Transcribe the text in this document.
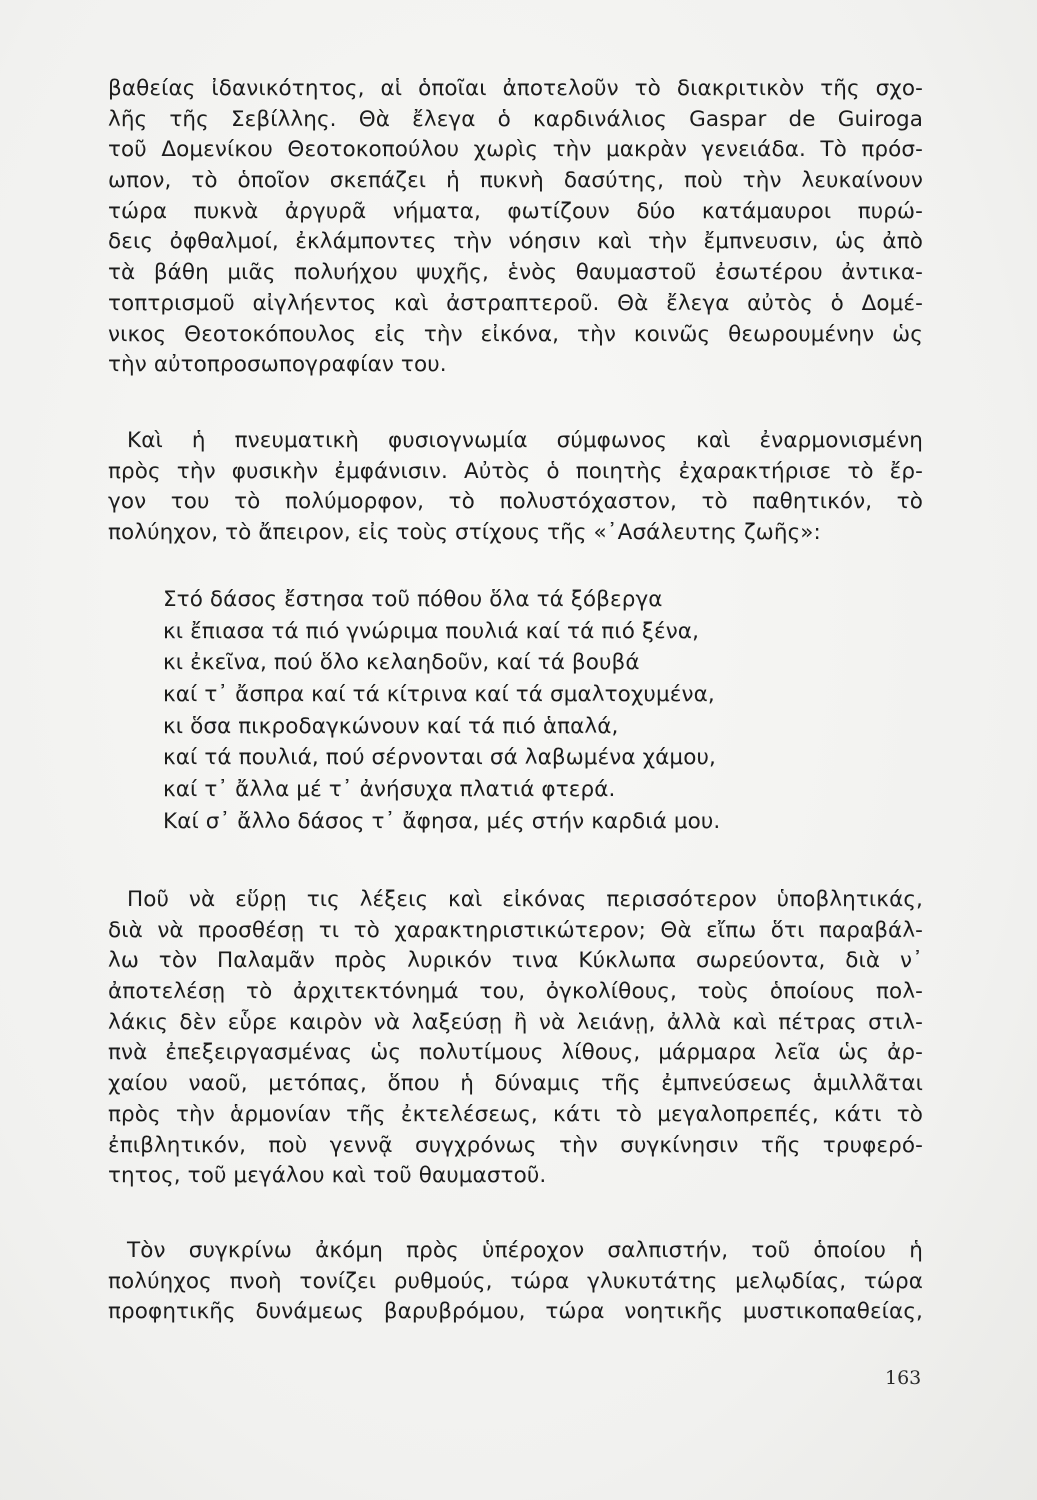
βαθείας ἰδανικότητος, αἱ ὁποῖαι ἀποτελοῦν τὸ διακριτικὸν τῆς σχο-
λῆς τῆς Σεβίλλης. Θὰ ἔλεγα ὁ καρδινάλιος Gaspar de Guiroga
τοῦ Δομενίκου Θεοτοκοπούλου χωρὶς τὴν μακρὰν γενειάδα. Τὸ πρόσ-
ωπον, τὸ ὁποῖον σκεπάζει ἡ πυκνὴ δασύτης, ποὺ τὴν λευκαίνουν
τώρα πυκνὰ ἀργυρᾶ νήματα, φωτίζουν δύο κατάμαυροι πυρώ-
δεις ὀφθαλμοί, ἐκλάμποντες τὴν νόησιν καὶ τὴν ἔμπνευσιν, ὡς ἀπὸ
τὰ βάθη μιᾶς πολυήχου ψυχῆς, ἑνὸς θαυμαστοῦ ἐσωτέρου ἀντικα-
τοπτρισμοῦ αἰγλήεντος καὶ ἀστραπτεροῦ. Θὰ ἔλεγα αὐτὸς ὁ Δομέ-
νικος Θεοτοκόπουλος εἰς τὴν εἰκόνα, τὴν κοινῶς θεωρουμένην ὡς
τὴν αὐτοπροσωπογραφίαν του.
Καὶ ἡ πνευματικὴ φυσιογνωμία σύμφωνος καὶ ἐναρμονισμένη
πρὸς τὴν φυσικὴν ἐμφάνισιν. Αὐτὸς ὁ ποιητὴς ἐχαρακτήρισε τὸ ἔρ-
γον του τὸ πολύμορφον, τὸ πολυστόχαστον, τὸ παθητικόν, τὸ
πολύηχον, τὸ ἄπειρον, εἰς τοὺς στίχους τῆς «᾿Ασάλευτης ζωῆς»:
Στό δάσος ἔστησα τοῦ πόθου ὅλα τά ξόβεργα
κι ἔπιασα τά πιό γνώριμα πουλιά καί τά πιό ξένα,
κι ἐκεῖνα, πού ὅλο κελαηδοῦν, καί τά βουβά
καί τ᾿ ἄσπρα καί τά κίτρινα καί τά σμαλτοχυμένα,
κι ὅσα πικροδαγκώνουν καί τά πιό ἁπαλά,
καί τά πουλιά, πού σέρνονται σά λαβωμένα χάμου,
καί τ᾿ ἄλλα μέ τ᾿ ἀνήσυχα πλατιά φτερά.
Καί σ᾿ ἄλλο δάσος τ᾿ ἄφησα, μές στήν καρδιά μου.
Ποῦ νὰ εὕρῃ τις λέξεις καὶ εἰκόνας περισσότερον ὑποβλητικάς,
διὰ νὰ προσθέσῃ τι τὸ χαρακτηριστικώτερον; Θὰ εἴπω ὅτι παραβάλ-
λω τὸν Παλαμᾶν πρὸς λυρικόν τινα Κύκλωπα σωρεύοντα, διὰ ν᾿
ἀποτελέσῃ τὸ ἀρχιτεκτόνημά του, ὀγκολίθους, τοὺς ὁποίους πολ-
λάκις δὲν εὗρε καιρὸν νὰ λαξεύσῃ ἢ νὰ λειάνῃ, ἀλλὰ καὶ πέτρας στιλ-
πνὰ ἐπεξειργασμένας ὡς πολυτίμους λίθους, μάρμαρα λεῖα ὡς ἀρ-
χαίου ναοῦ, μετόπας, ὅπου ἡ δύναμις τῆς ἐμπνεύσεως ἁμιλλᾶται
πρὸς τὴν ἁρμονίαν τῆς ἐκτελέσεως, κάτι τὸ μεγαλοπρεπές, κάτι τὸ
ἐπιβλητικόν, ποὺ γεννᾷ συγχρόνως τὴν συγκίνησιν τῆς τρυφερό-
τητος, τοῦ μεγάλου καὶ τοῦ θαυμαστοῦ.
Τὸν συγκρίνω ἀκόμη πρὸς ὑπέροχον σαλπιστήν, τοῦ ὁποίου ἡ
πολύηχος πνοὴ τονίζει ρυθμούς, τώρα γλυκυτάτης μελῳδίας, τώρα
προφητικῆς δυνάμεως βαρυβρόμου, τώρα νοητικῆς μυστικοπαθείας,
163
